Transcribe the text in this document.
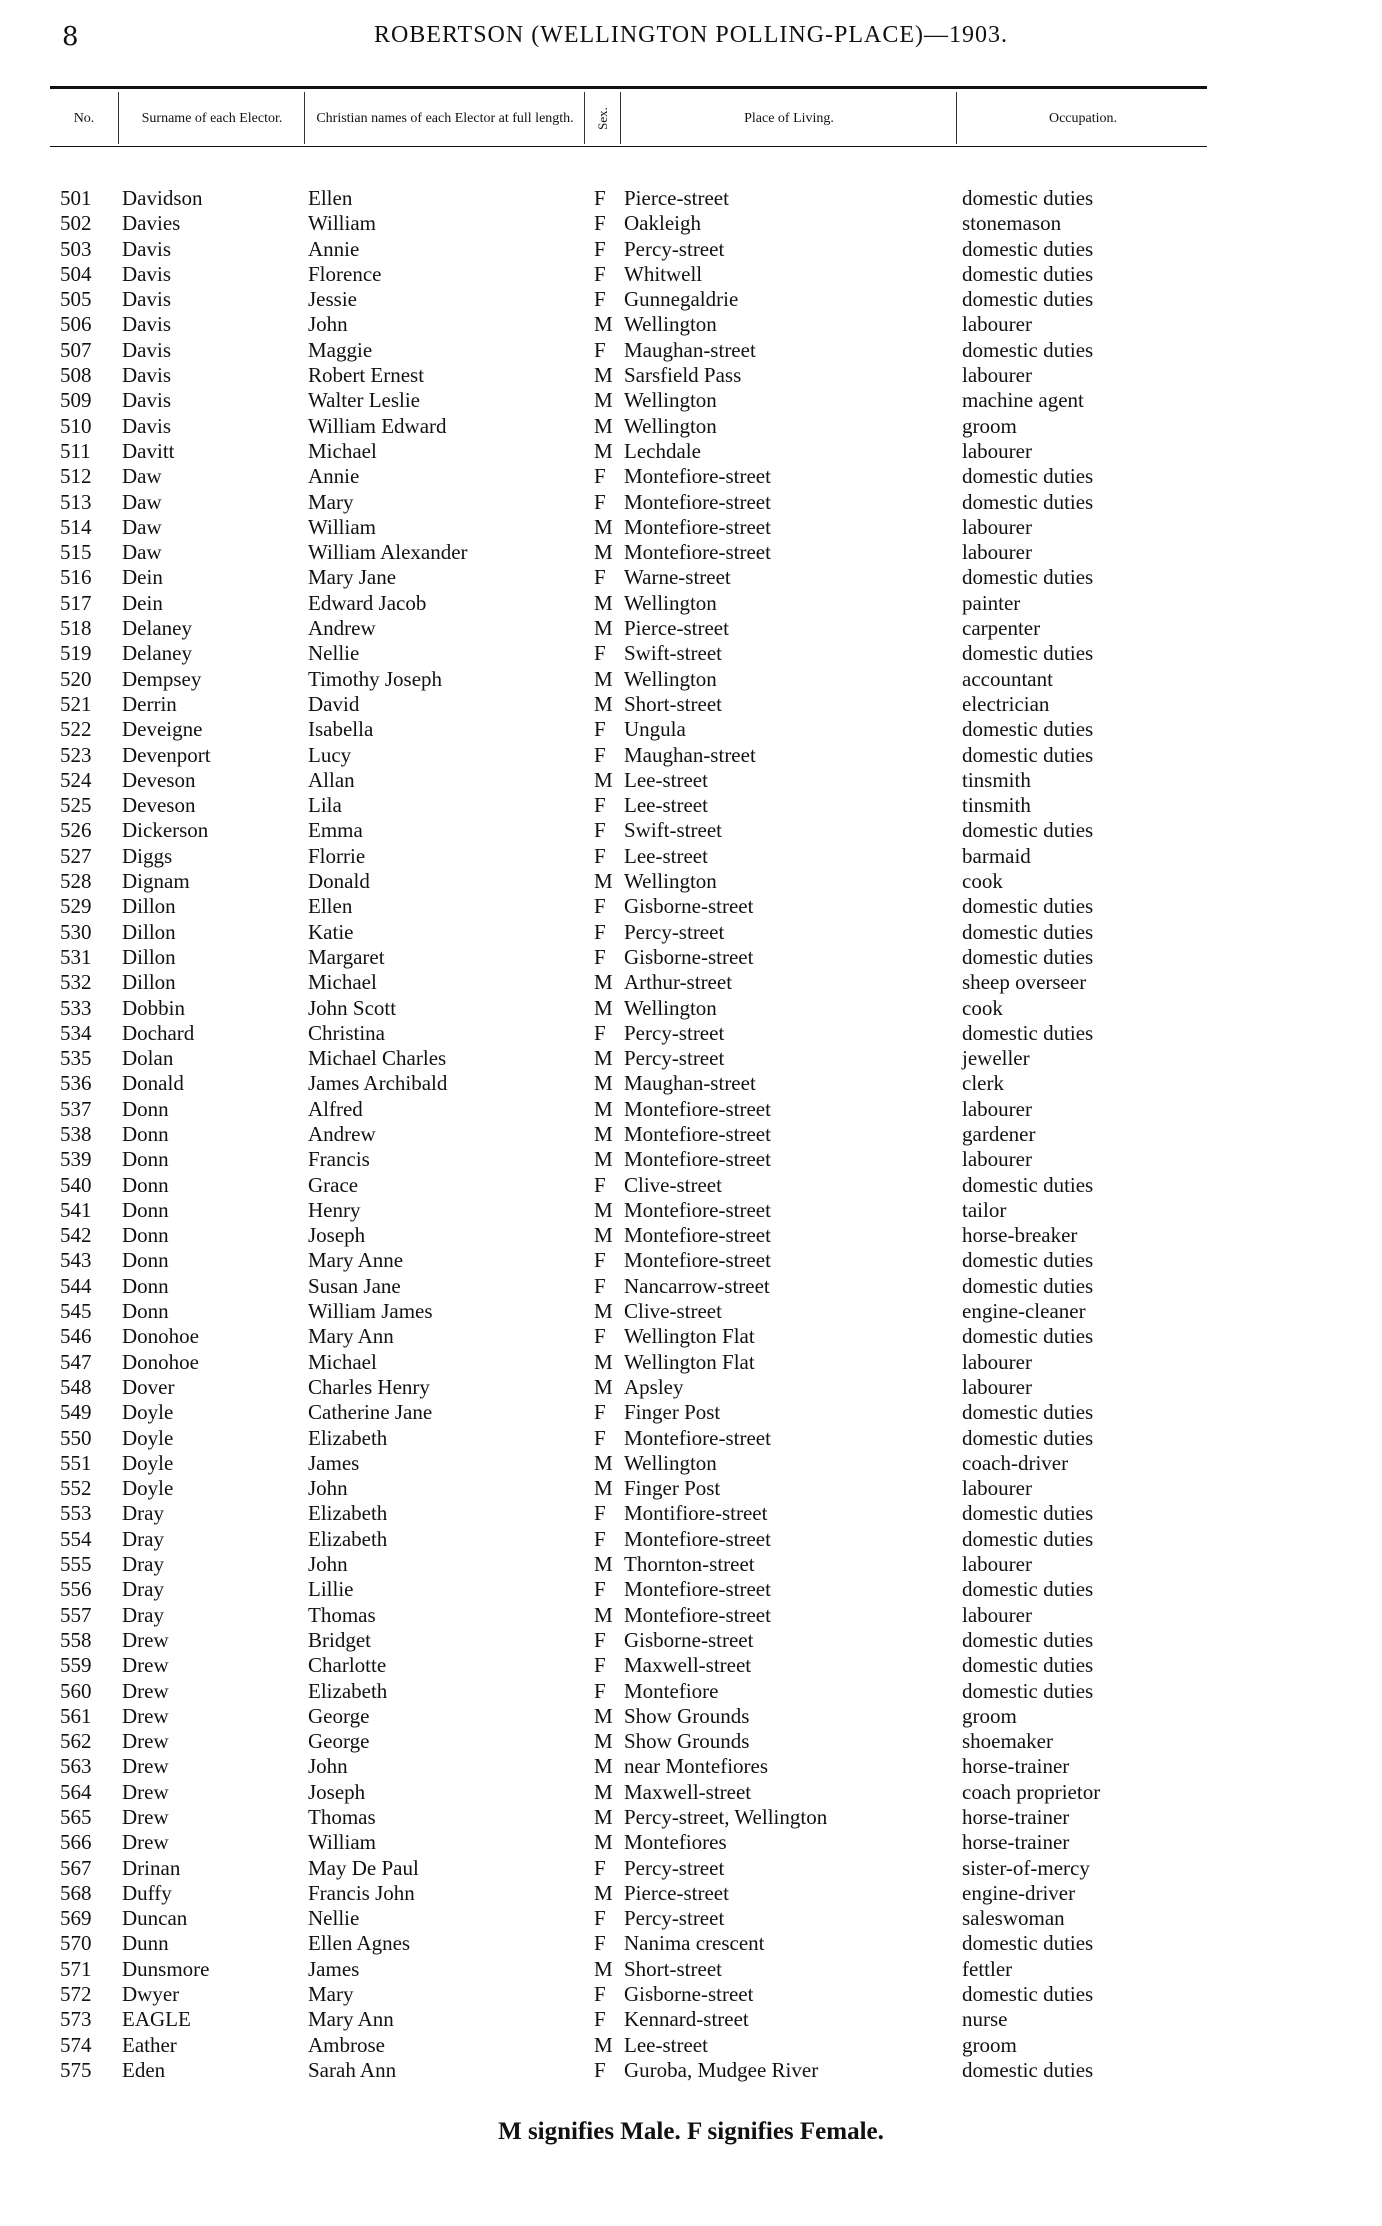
8	ROBERTSON (WELLINGTON POLLING-PLACE)—1903.
No.	Surname of each Elector.	Christian names of each Elector at full length.	Sex.	Place of Living.	Occupation.
501	Davidson	Ellen	F Pierce-street	domestic duties
502	Davies	William	F Oakleigh	stonemason
503	Davis	Annie	F Percy-street	domestic duties
504	Davis	Florence	F Whitwell	domestic duties
505	Davis	Jessie	F Gunnegaldrie	domestic duties
506	Davis	John	M Wellington	labourer
507	Davis	Maggie	F Maughan-street	domestic duties
508	Davis	Robert Ernest	M Sarsfield Pass	labourer
509	Davis	Walter Leslie	M Wellington	machine agent
510	Davis	William Edward	M Wellington	groom
511	Davitt	Michael	M Lechdale	labourer
512	Daw	Annie	F Montefiore-street	domestic duties
513	Daw	Mary	F Montefiore-street	domestic duties
514	Daw	William	M Montefiore-street	labourer
515	Daw	William Alexander	M Montefiore-street	labourer
516	Dein	Mary Jane	F Warne-street	domestic duties
517	Dein	Edward Jacob	M Wellington	painter
518	Delaney	Andrew	M Pierce-street	carpenter
519	Delaney	Nellie	F Swift-street	domestic duties
520	Dempsey	Timothy Joseph	M Wellington	accountant
521	Derrin	David	M Short-street	electrician
522	Deveigne	Isabella	F Ungula	domestic duties
523	Devenport	Lucy	F Maughan-street	domestic duties
524	Deveson	Allan	M Lee-street	tinsmith
525	Deveson	Lila	F Lee-street	tinsmith
526	Dickerson	Emma	F Swift-street	domestic duties
527	Diggs	Florrie	F Lee-street	barmaid
528	Dignam	Donald	M Wellington	cook
529	Dillon	Ellen	F Gisborne-street	domestic duties
530	Dillon	Katie	F Percy-street	domestic duties
531	Dillon	Margaret	F Gisborne-street	domestic duties
532	Dillon	Michael	M Arthur-street	sheep overseer
533	Dobbin	John Scott	M Wellington	cook
534	Dochard	Christina	F Percy-street	domestic duties
535	Dolan	Michael Charles	M Percy-street	jeweller
536	Donald	James Archibald	M Maughan-street	clerk
537	Donn	Alfred	M Montefiore-street	labourer
538	Donn	Andrew	M Montefiore-street	gardener
539	Donn	Francis	M Montefiore-street	labourer
540	Donn	Grace	F Clive-street	domestic duties
541	Donn	Henry	M Montefiore-street	tailor
542	Donn	Joseph	M Montefiore-street	horse-breaker
543	Donn	Mary Anne	F Montefiore-street	domestic duties
544	Donn	Susan Jane	F Nancarrow-street	domestic duties
545	Donn	William James	M Clive-street	engine-cleaner
546	Donohoe	Mary Ann	F Wellington Flat	domestic duties
547	Donohoe	Michael	M Wellington Flat	labourer
548	Dover	Charles Henry	M Apsley	labourer
549	Doyle	Catherine Jane	F Finger Post	domestic duties
550	Doyle	Elizabeth	F Montefiore-street	domestic duties
551	Doyle	James	M Wellington	coach-driver
552	Doyle	John	M Finger Post	labourer
553	Dray	Elizabeth	F Montifiore-street	domestic duties
554	Dray	Elizabeth	F Montefiore-street	domestic duties
555	Dray	John	M Thornton-street	labourer
556	Dray	Lillie	F Montefiore-street	domestic duties
557	Dray	Thomas	M Montefiore-street	labourer
558	Drew	Bridget	F Gisborne-street	domestic duties
559	Drew	Charlotte	F Maxwell-street	domestic duties
560	Drew	Elizabeth	F Montefiore	domestic duties
561	Drew	George	M Show Grounds	groom
562	Drew	George	M Show Grounds	shoemaker
563	Drew	John	M near Montefiores	horse-trainer
564	Drew	Joseph	M Maxwell-street	coach proprietor
565	Drew	Thomas	M Percy-street, Wellington	horse-trainer
566	Drew	William	M Montefiores	horse-trainer
567	Drinan	May De Paul	F Percy-street	sister-of-mercy
568	Duffy	Francis John	M Pierce-street	engine-driver
569	Duncan	Nellie	F Percy-street	saleswoman
570	Dunn	Ellen Agnes	F Nanima crescent	domestic duties
571	Dunsmore	James	M Short-street	fettler
572	Dwyer	Mary	F Gisborne-street	domestic duties
573	EAGLE	Mary Ann	F Kennard-street	nurse
574	Eather	Ambrose	M Lee-street	groom
575	Eden	Sarah Ann	F Guroba, Mudgee River	domestic duties
M signifies Male. F signifies Female.
